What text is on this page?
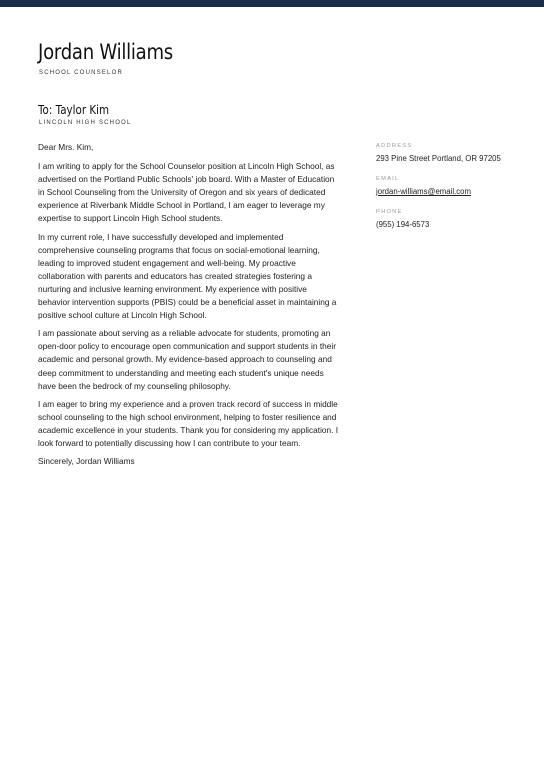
Jordan Williams
SCHOOL COUNSELOR
To: Taylor Kim
LINCOLN HIGH SCHOOL

Dear Mrs. Kim,

I am writing to apply for the School Counselor position at Lincoln High School, as advertised on the Portland Public Schools' job board. With a Master of Education in School Counseling from the University of Oregon and six years of dedicated experience at Riverbank Middle School in Portland, I am eager to leverage my expertise to support Lincoln High School students.

In my current role, I have successfully developed and implemented comprehensive counseling programs that focus on social-emotional learning, leading to improved student engagement and well-being. My proactive collaboration with parents and educators has created strategies fostering a nurturing and inclusive learning environment. My experience with positive behavior intervention supports (PBIS) could be a beneficial asset in maintaining a positive school culture at Lincoln High School.

I am passionate about serving as a reliable advocate for students, promoting an open-door policy to encourage open communication and support students in their academic and personal growth. My evidence-based approach to counseling and deep commitment to understanding and meeting each student's unique needs have been the bedrock of my counseling philosophy.

I am eager to bring my experience and a proven track record of success in middle school counseling to the high school environment, helping to foster resilience and academic excellence in your students. Thank you for considering my application. I look forward to potentially discussing how I can contribute to your team.

Sincerely, Jordan Williams

ADDRESS
293 Pine Street Portland, OR 97205
EMAIL
jordan-williams@email.com
PHONE
(955) 194-6573
